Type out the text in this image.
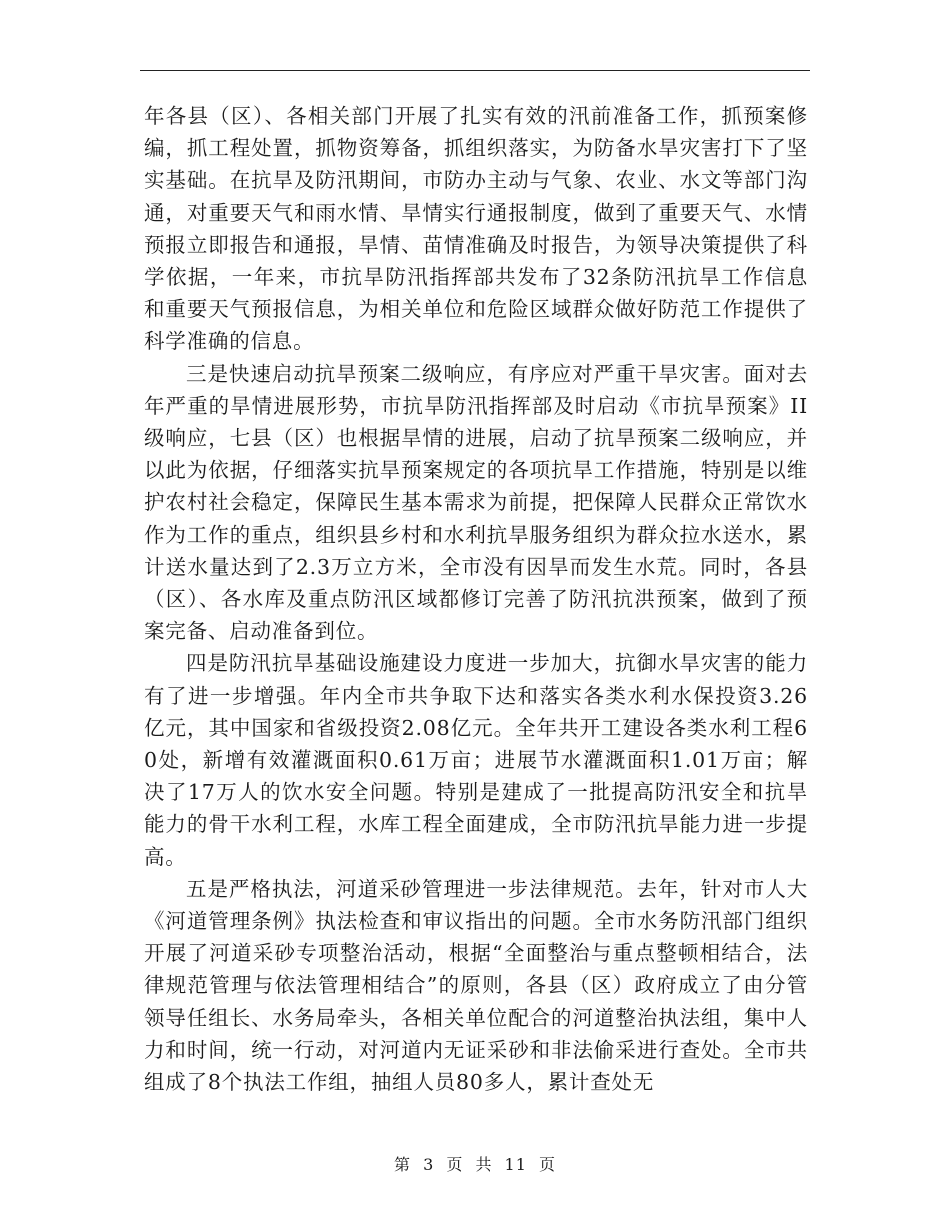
年各县（区）、各相关部门开展了扎实有效的汛前准备工作，抓预案修编，抓工程处置，抓物资筹备，抓组织落实，为防备水旱灾害打下了坚实基础。在抗旱及防汛期间，市防办主动与气象、农业、水文等部门沟通，对重要天气和雨水情、旱情实行通报制度，做到了重要天气、水情预报立即报告和通报，旱情、苗情准确及时报告，为领导决策提供了科学依据，一年来，市抗旱防汛指挥部共发布了32条防汛抗旱工作信息和重要天气预报信息，为相关单位和危险区域群众做好防范工作提供了科学准确的信息。

三是快速启动抗旱预案二级响应，有序应对严重干旱灾害。面对去年严重的旱情进展形势，市抗旱防汛指挥部及时启动《市抗旱预案》II级响应，七县（区）也根据旱情的进展，启动了抗旱预案二级响应，并以此为依据，仔细落实抗旱预案规定的各项抗旱工作措施，特别是以维护农村社会稳定，保障民生基本需求为前提，把保障人民群众正常饮水作为工作的重点，组织县乡村和水利抗旱服务组织为群众拉水送水，累计送水量达到了2.3万立方米，全市没有因旱而发生水荒。同时，各县（区）、各水库及重点防汛区域都修订完善了防汛抗洪预案，做到了预案完备、启动准备到位。

四是防汛抗旱基础设施建设力度进一步加大，抗御水旱灾害的能力有了进一步增强。年内全市共争取下达和落实各类水利水保投资3.26亿元，其中国家和省级投资2.08亿元。全年共开工建设各类水利工程60处，新增有效灌溉面积0.61万亩；进展节水灌溉面积1.01万亩；解决了17万人的饮水安全问题。特别是建成了一批提高防汛安全和抗旱能力的骨干水利工程，水库工程全面建成，全市防汛抗旱能力进一步提高。

五是严格执法，河道采砂管理进一步法律规范。去年，针对市人大《河道管理条例》执法检查和审议指出的问题。全市水务防汛部门组织开展了河道采砂专项整治活动，根据“全面整治与重点整顿相结合，法律规范管理与依法管理相结合”的原则，各县（区）政府成立了由分管领导任组长、水务局牵头，各相关单位配合的河道整治执法组，集中人力和时间，统一行动，对河道内无证采砂和非法偷采进行查处。全市共组成了8个执法工作组，抽组人员80多人，累计查处无

第 3 页 共 11 页
